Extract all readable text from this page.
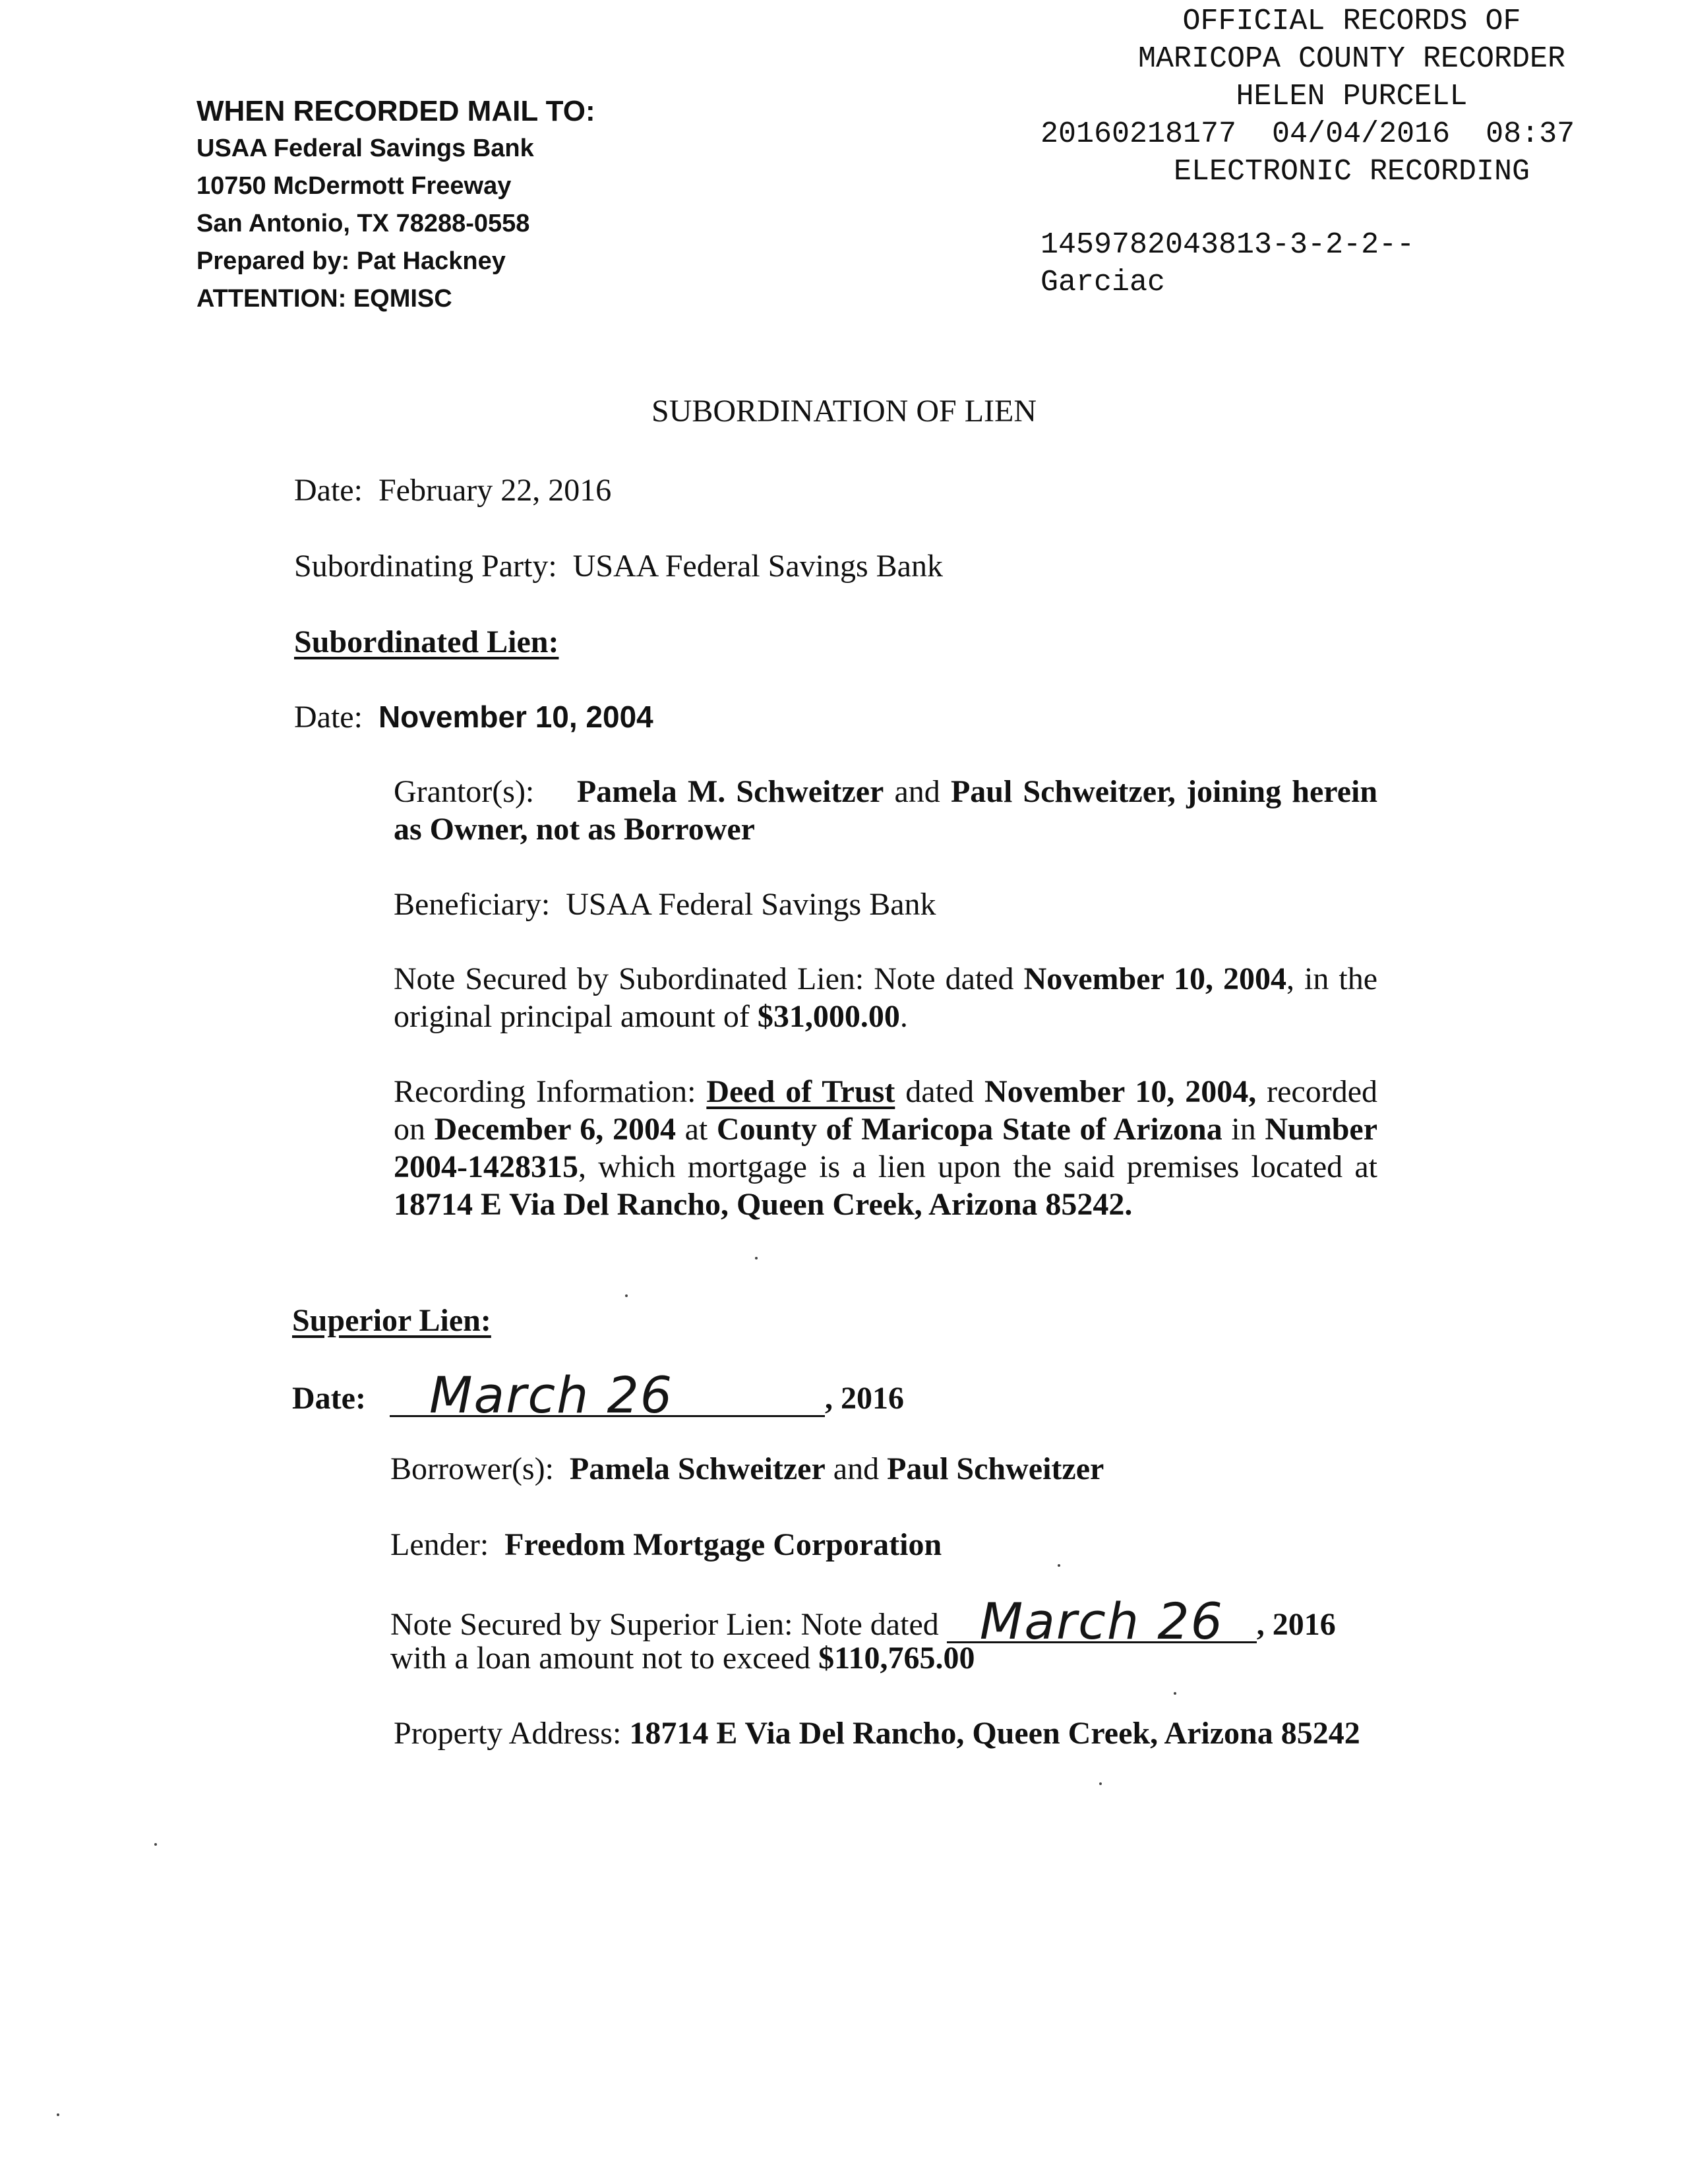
WHEN RECORDED MAIL TO:
USAA Federal Savings Bank
10750 McDermott Freeway
San Antonio, TX 78288-0558
Prepared by: Pat Hackney
ATTENTION: EQMISC
OFFICIAL RECORDS OF
MARICOPA COUNTY RECORDER
HELEN PURCELL
20160218177  04/04/2016  08:37
ELECTRONIC RECORDING
1459782043813-3-2-2--
Garciac
SUBORDINATION OF LIEN
Date: February 22, 2016
Subordinating Party: USAA Federal Savings Bank
Subordinated Lien:
Date: November 10, 2004
Grantor(s): Pamela M. Schweitzer and Paul Schweitzer, joining herein as Owner, not as Borrower
Beneficiary: USAA Federal Savings Bank
Note Secured by Subordinated Lien: Note dated November 10, 2004, in the original principal amount of $31,000.00.
Recording Information: Deed of Trust dated November 10, 2004, recorded on December 6, 2004 at County of Maricopa State of Arizona in Number 2004-1428315, which mortgage is a lien upon the said premises located at 18714 E Via Del Rancho, Queen Creek, Arizona 85242.
Superior Lien:
Date: March 26	, 2016
Borrower(s): Pamela Schweitzer and Paul Schweitzer
Lender: Freedom Mortgage Corporation
Note Secured by Superior Lien: Note dated March 26 , 2016
with a loan amount not to exceed $110,765.00
Property Address: 18714 E Via Del Rancho, Queen Creek, Arizona 85242
